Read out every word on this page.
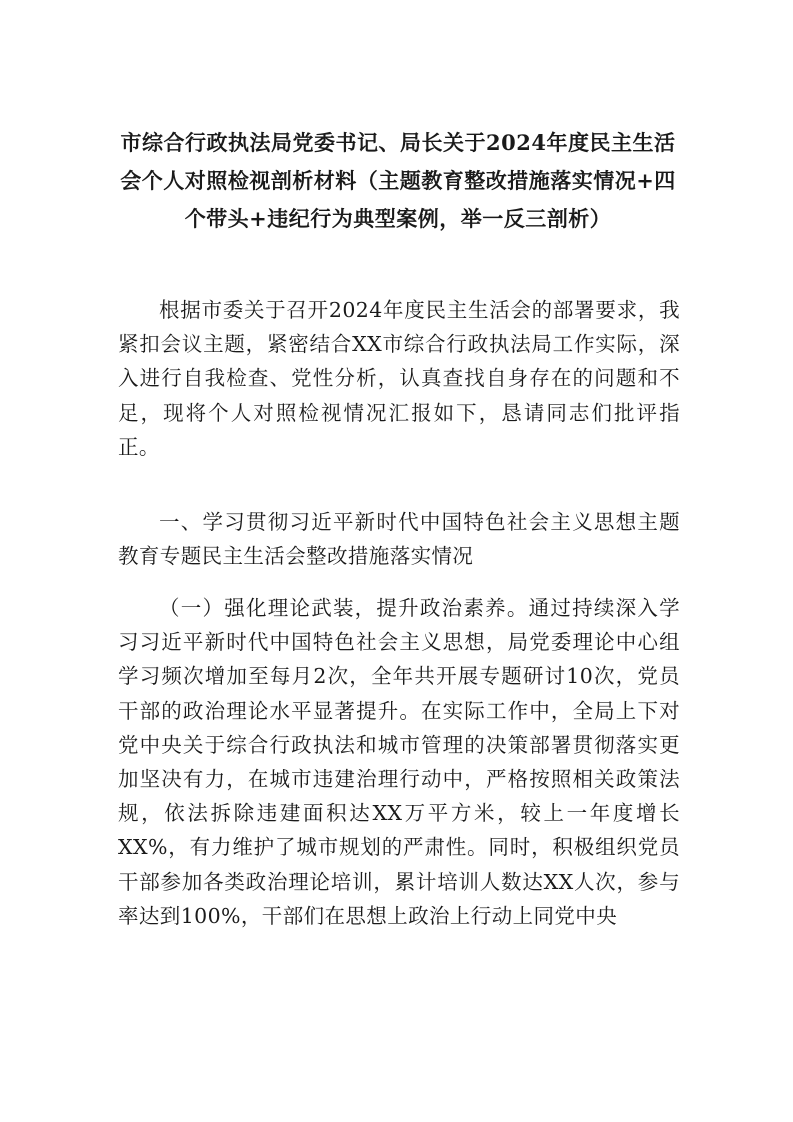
市综合行政执法局党委书记、局长关于2024年度民主生活会个人对照检视剖析材料（主题教育整改措施落实情况+四个带头+违纪行为典型案例，举一反三剖析）

根据市委关于召开2024年度民主生活会的部署要求，我紧扣会议主题，紧密结合XX市综合行政执法局工作实际，深入进行自我检查、党性分析，认真查找自身存在的问题和不足，现将个人对照检视情况汇报如下，恳请同志们批评指正。

一、学习贯彻习近平新时代中国特色社会主义思想主题教育专题民主生活会整改措施落实情况

（一）强化理论武装，提升政治素养。通过持续深入学习习近平新时代中国特色社会主义思想，局党委理论中心组学习频次增加至每月2次，全年共开展专题研讨10次，党员干部的政治理论水平显著提升。在实际工作中，全局上下对党中央关于综合行政执法和城市管理的决策部署贯彻落实更加坚决有力，在城市违建治理行动中，严格按照相关政策法规，依法拆除违建面积达XX万平方米，较上一年度增长XX%，有力维护了城市规划的严肃性。同时，积极组织党员干部参加各类政治理论培训，累计培训人数达XX人次，参与率达到100%，干部们在思想上政治上行动上同党中央
